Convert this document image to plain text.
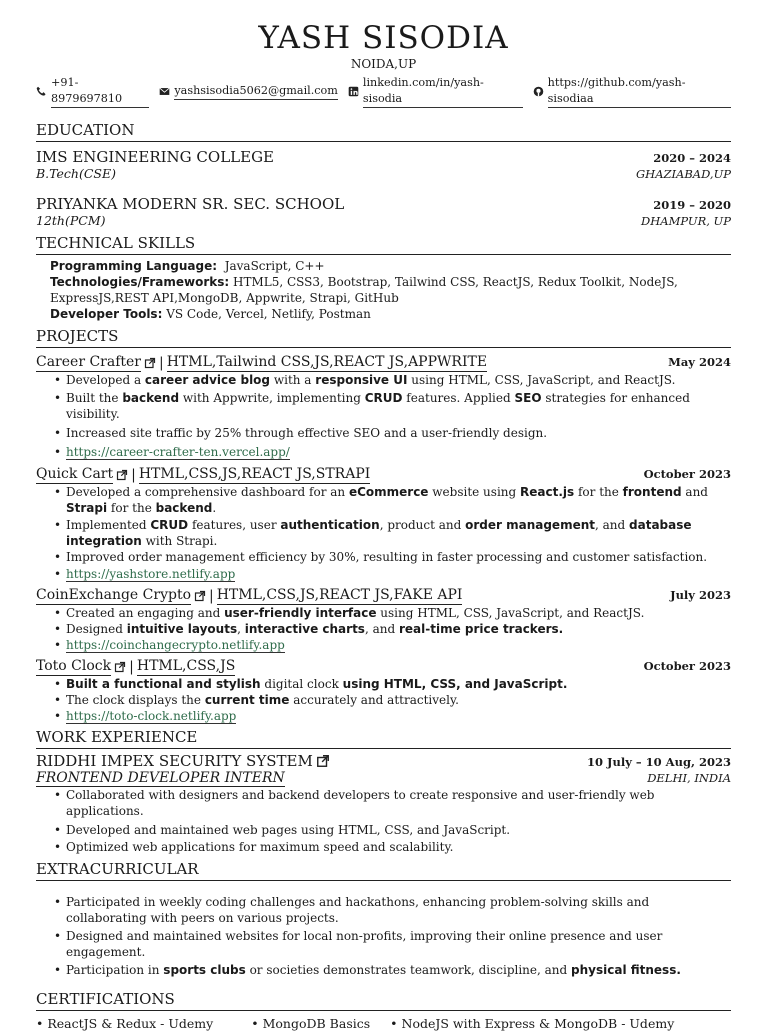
YASH SISODIA
NOIDA,UP
+91-8979697810
yashsisodia5062@gmail.com
linkedin.com/in/yash-sisodia
https://github.com/yash-sisodiaa
EDUCATION
IMS ENGINEERING COLLEGE	2020 – 2024
B.Tech(CSE)	GHAZIABAD,UP
PRIYANKA MODERN SR. SEC. SCHOOL	2019 – 2020
12th(PCM)	DHAMPUR, UP
TECHNICAL SKILLS
Programming Language: JavaScript, C++
Technologies/Frameworks: HTML5, CSS3, Bootstrap, Tailwind CSS, ReactJS, Redux Toolkit, NodeJS,
ExpressJS,REST API,MongoDB, Appwrite, Strapi, GitHub
Developer Tools: VS Code, Vercel, Netlify, Postman
PROJECTS
Career Crafter | HTML,Tailwind CSS,JS,REACT JS,APPWRITE	May 2024
• Developed a career advice blog with a responsive UI using HTML, CSS, JavaScript, and ReactJS.
• Built the backend with Appwrite, implementing CRUD features. Applied SEO strategies for enhanced visibility.
• Increased site traffic by 25% through effective SEO and a user-friendly design.
• https://career-crafter-ten.vercel.app/
Quick Cart | HTML,CSS,JS,REACT JS,STRAPI	October 2023
• Developed a comprehensive dashboard for an eCommerce website using React.js for the frontend and Strapi for the backend.
• Implemented CRUD features, user authentication, product and order management, and database integration with Strapi.
• Improved order management efficiency by 30%, resulting in faster processing and customer satisfaction.
• https://yashstore.netlify.app
CoinExchange Crypto | HTML,CSS,JS,REACT JS,FAKE API	July 2023
• Created an engaging and user-friendly interface using HTML, CSS, JavaScript, and ReactJS.
• Designed intuitive layouts, interactive charts, and real-time price trackers.
• https://coinchangecrypto.netlify.app
Toto Clock | HTML,CSS,JS	October 2023
• Built a functional and stylish digital clock using HTML, CSS, and JavaScript.
• The clock displays the current time accurately and attractively.
• https://toto-clock.netlify.app
WORK EXPERIENCE
RIDDHI IMPEX SECURITY SYSTEM	10 July – 10 Aug, 2023
FRONTEND DEVELOPER INTERN	DELHI, INDIA
• Collaborated with designers and backend developers to create responsive and user-friendly web applications.
• Developed and maintained web pages using HTML, CSS, and JavaScript.
• Optimized web applications for maximum speed and scalability.
EXTRACURRICULAR
• Participated in weekly coding challenges and hackathons, enhancing problem-solving skills and collaborating with peers on various projects.
• Designed and maintained websites for local non-profits, improving their online presence and user engagement.
• Participation in sports clubs or societies demonstrates teamwork, discipline, and physical fitness.
CERTIFICATIONS
• ReactJS & Redux - Udemy	• MongoDB Basics • NodeJS with Express & MongoDB - Udemy
